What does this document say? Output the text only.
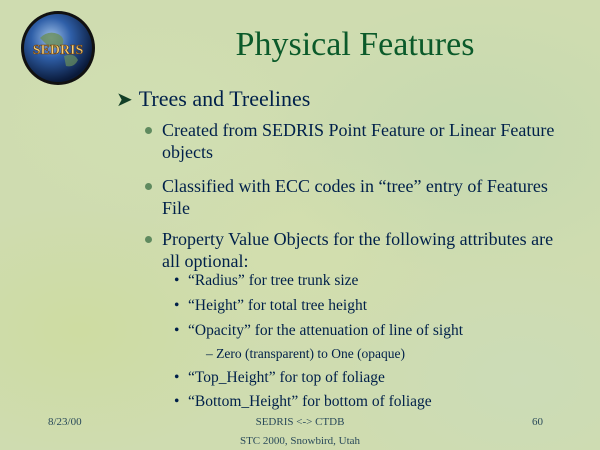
SEDRIS	Physical Features
➤ Trees and Treelines
Created from SEDRIS Point Feature or Linear Feature objects
Classified with ECC codes in “tree” entry of Features File
Property Value Objects for the following attributes are all optional:
• “Radius” for tree trunk size
• “Height” for total tree height
• “Opacity” for the attenuation of line of sight
– Zero (transparent) to One (opaque)
• “Top_Height” for top of foliage
• “Bottom_Height” for bottom of foliage
8/23/00	SEDRIS <-> CTDB	60
STC 2000, Snowbird, Utah
